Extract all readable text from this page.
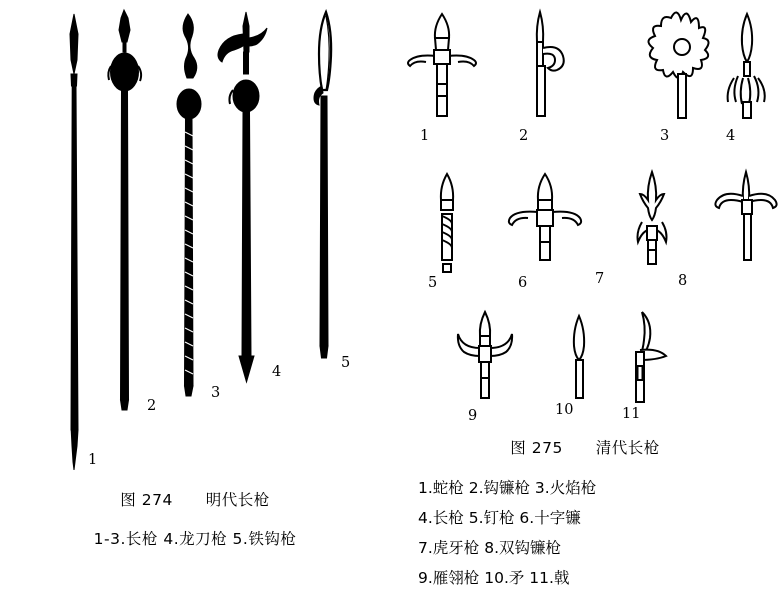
1
2
3
4
5
图 274 明代长枪
1-3.长枪 4.龙刀枪 5.铁钩枪
1	2	3	4
5	6	7	8
9	10	11
图 275 清代长枪
1.蛇枪 2.钩镰枪 3.火焰枪
4.长枪 5.钉枪 6.十字镰
7.虎牙枪 8.双钩镰枪
9.雁翎枪 10.矛 11.戟
